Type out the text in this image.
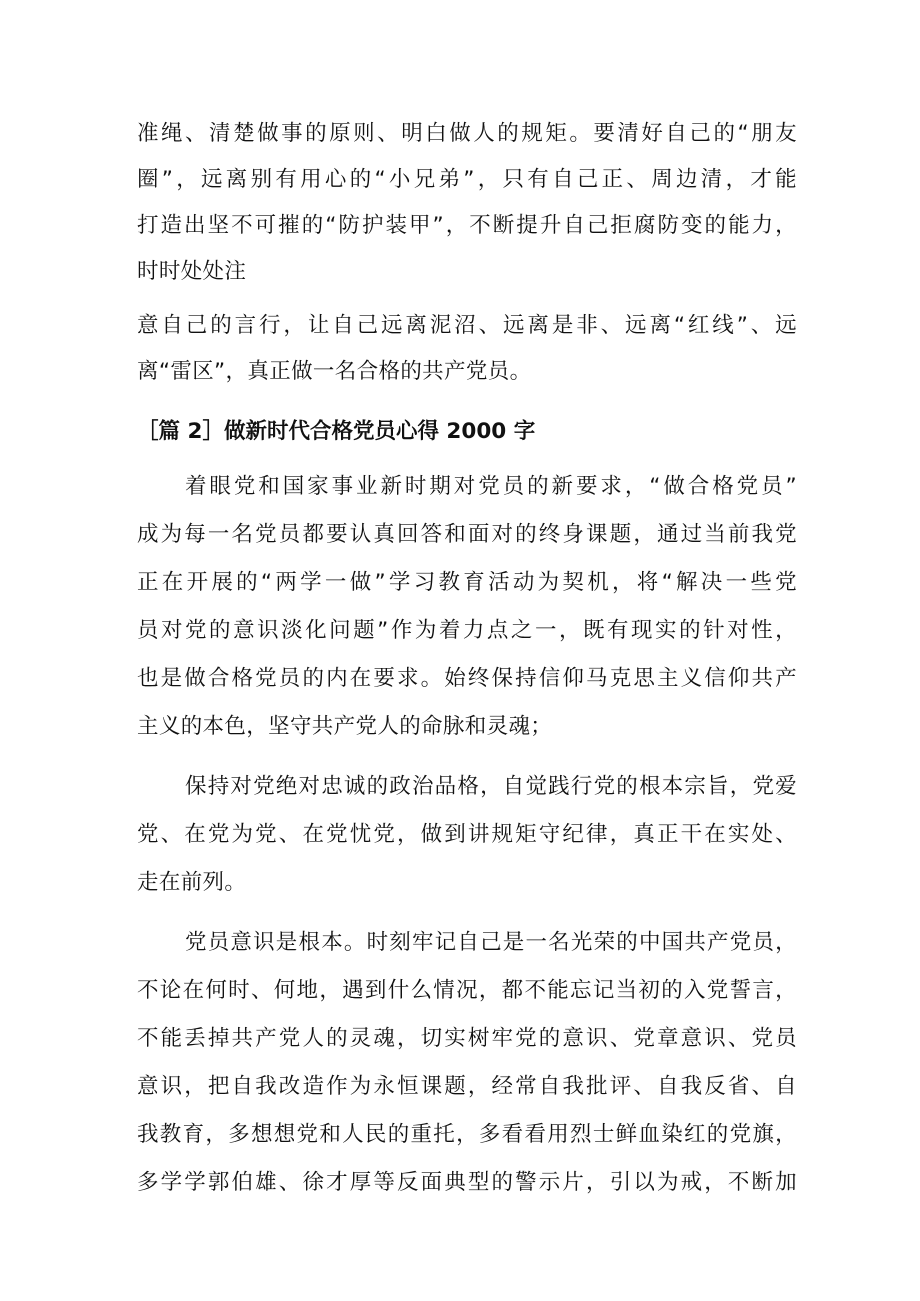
准绳、清楚做事的原则、明白做人的规矩。要清好自己的“朋友
圈”，远离别有用心的“小兄弟”，只有自己正、周边清，才能
打造出坚不可摧的“防护装甲”，不断提升自己拒腐防变的能力，
时时处处注
意自己的言行，让自己远离泥沼、远离是非、远离“红线”、远
离“雷区”，真正做一名合格的共产党员。
［篇 2］做新时代合格党员心得 2000 字
着眼党和国家事业新时期对党员的新要求，“做合格党员”
成为每一名党员都要认真回答和面对的终身课题，通过当前我党
正在开展的“两学一做”学习教育活动为契机，将“解决一些党
员对党的意识淡化问题”作为着力点之一，既有现实的针对性，
也是做合格党员的内在要求。始终保持信仰马克思主义信仰共产
主义的本色，坚守共产党人的命脉和灵魂；
保持对党绝对忠诚的政治品格，自觉践行党的根本宗旨，党爱
党、在党为党、在党忧党，做到讲规矩守纪律，真正干在实处、
走在前列。
党员意识是根本。时刻牢记自己是一名光荣的中国共产党员，
不论在何时、何地，遇到什么情况，都不能忘记当初的入党誓言，
不能丢掉共产党人的灵魂，切实树牢党的意识、党章意识、党员
意识，把自我改造作为永恒课题，经常自我批评、自我反省、自
我教育，多想想党和人民的重托，多看看用烈士鲜血染红的党旗，
多学学郭伯雄、徐才厚等反面典型的警示片，引以为戒，不断加
